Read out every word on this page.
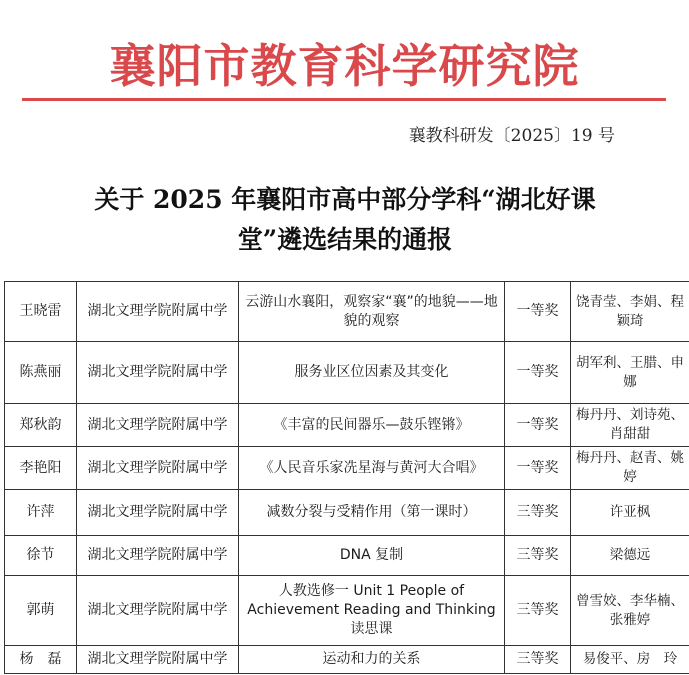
襄阳市教育科学研究院
襄教科研发〔2025〕19 号
关于 2025 年襄阳市高中部分学科“湖北好课
堂”遴选结果的通报
王晓雷	湖北文理学院附属中学	云游山水襄阳，观察家“襄”的地貌——地貌的观察	一等奖	饶青莹、李娟、程颖琦
陈燕丽	湖北文理学院附属中学	服务业区位因素及其变化	一等奖	胡军利、王腊、申娜
郑秋韵	湖北文理学院附属中学	《丰富的民间器乐—鼓乐铿锵》	一等奖	梅丹丹、刘诗苑、肖甜甜
李艳阳	湖北文理学院附属中学	《人民音乐家冼星海与黄河大合唱》	一等奖	梅丹丹、赵青、姚婷
许萍	湖北文理学院附属中学	减数分裂与受精作用（第一课时）	三等奖	许亚枫
徐节	湖北文理学院附属中学	DNA 复制	三等奖	梁德远
郭萌	湖北文理学院附属中学	人教选修一 Unit 1 People of Achievement Reading and Thinking 读思课	三等奖	曾雪姣、李华楠、张雅婷
杨　磊	湖北文理学院附属中学	运动和力的关系	三等奖	易俊平、房　玲
